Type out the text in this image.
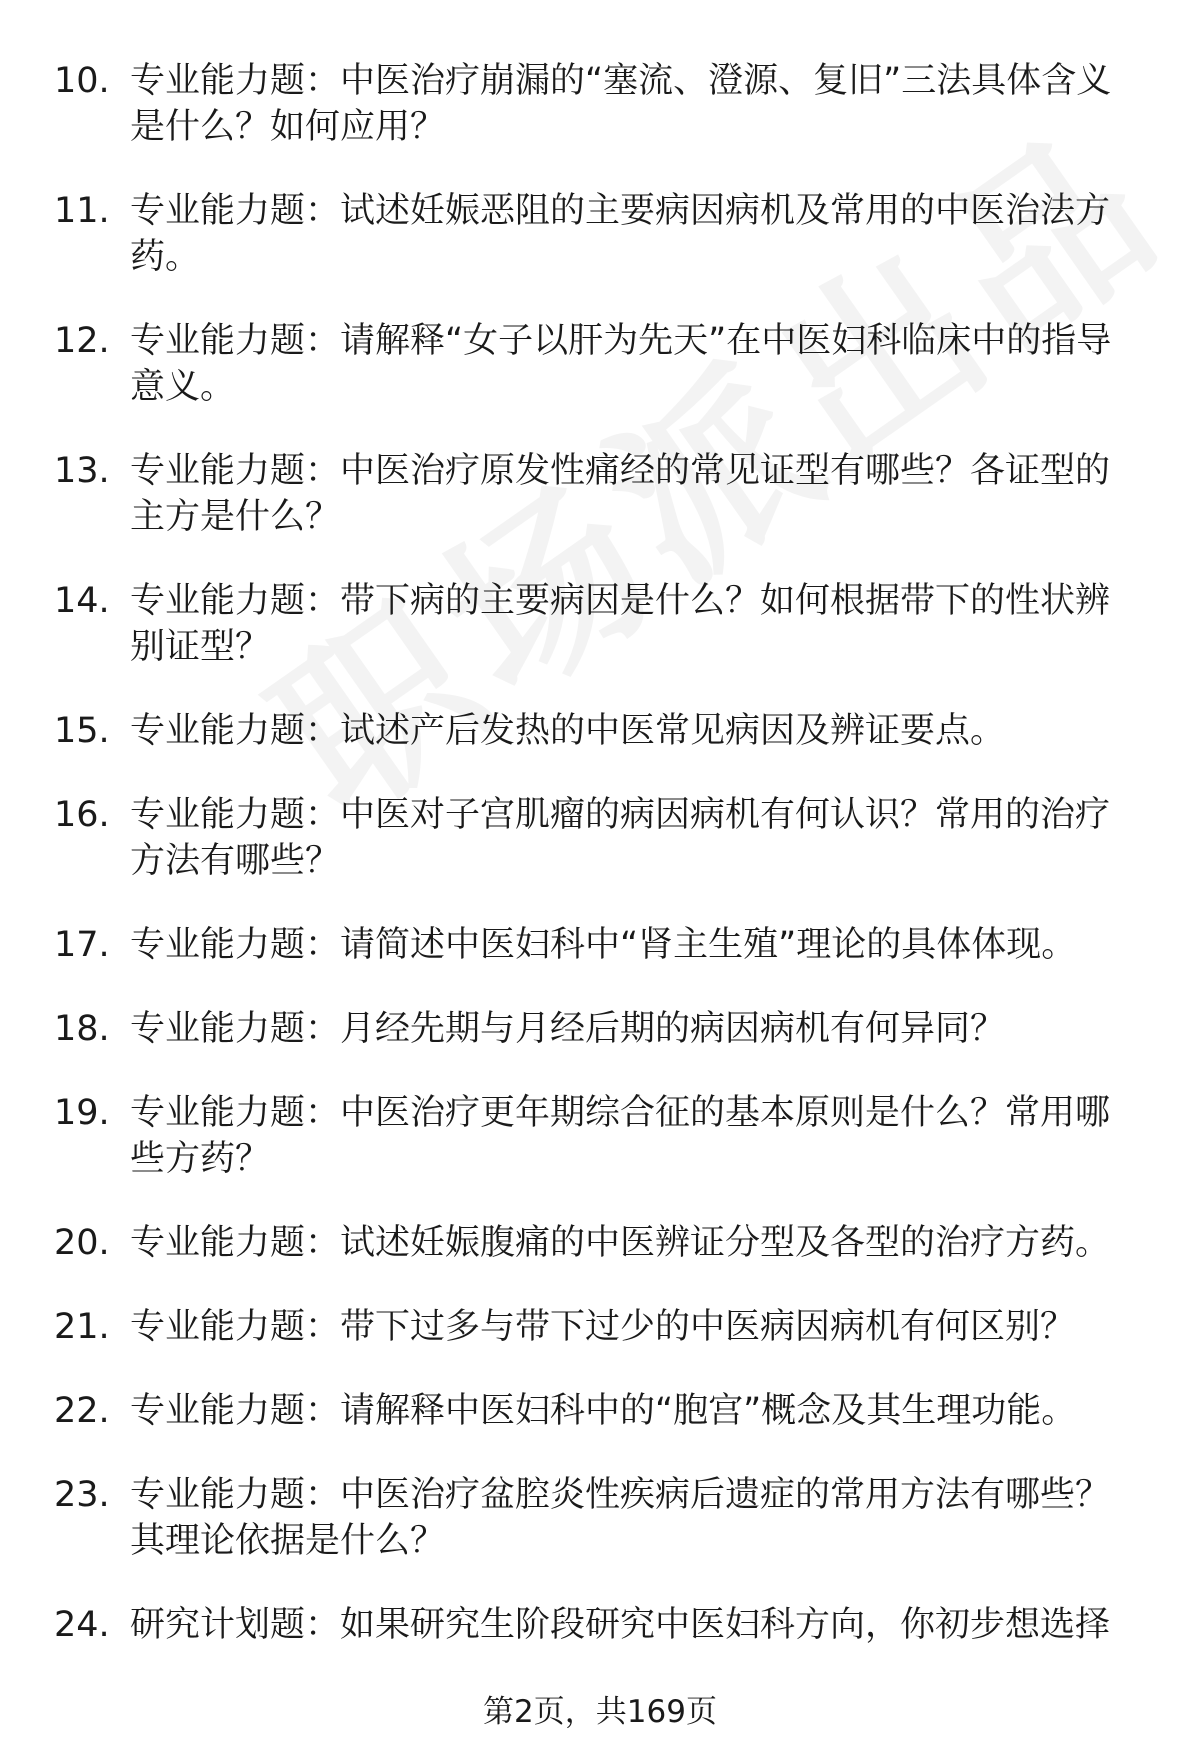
10. 专业能力题：中医治疗崩漏的“塞流、澄源、复旧”三法具体含义是什么？如何应用？
11. 专业能力题：试述妊娠恶阻的主要病因病机及常用的中医治法方药。
12. 专业能力题：请解释“女子以肝为先天”在中医妇科临床中的指导意义。
13. 专业能力题：中医治疗原发性痛经的常见证型有哪些？各证型的主方是什么？
14. 专业能力题：带下病的主要病因是什么？如何根据带下的性状辨别证型？
15. 专业能力题：试述产后发热的中医常见病因及辨证要点。
16. 专业能力题：中医对子宫肌瘤的病因病机有何认识？常用的治疗方法有哪些？
17. 专业能力题：请简述中医妇科中“肾主生殖”理论的具体体现。
18. 专业能力题：月经先期与月经后期的病因病机有何异同？
19. 专业能力题：中医治疗更年期综合征的基本原则是什么？常用哪些方药？
20. 专业能力题：试述妊娠腹痛的中医辨证分型及各型的治疗方药。
21. 专业能力题：带下过多与带下过少的中医病因病机有何区别？
22. 专业能力题：请解释中医妇科中的“胞宫”概念及其生理功能。
23. 专业能力题：中医治疗盆腔炎性疾病后遗症的常用方法有哪些？其理论依据是什么？
24. 研究计划题：如果研究生阶段研究中医妇科方向，你初步想选择
第2页，共169页
